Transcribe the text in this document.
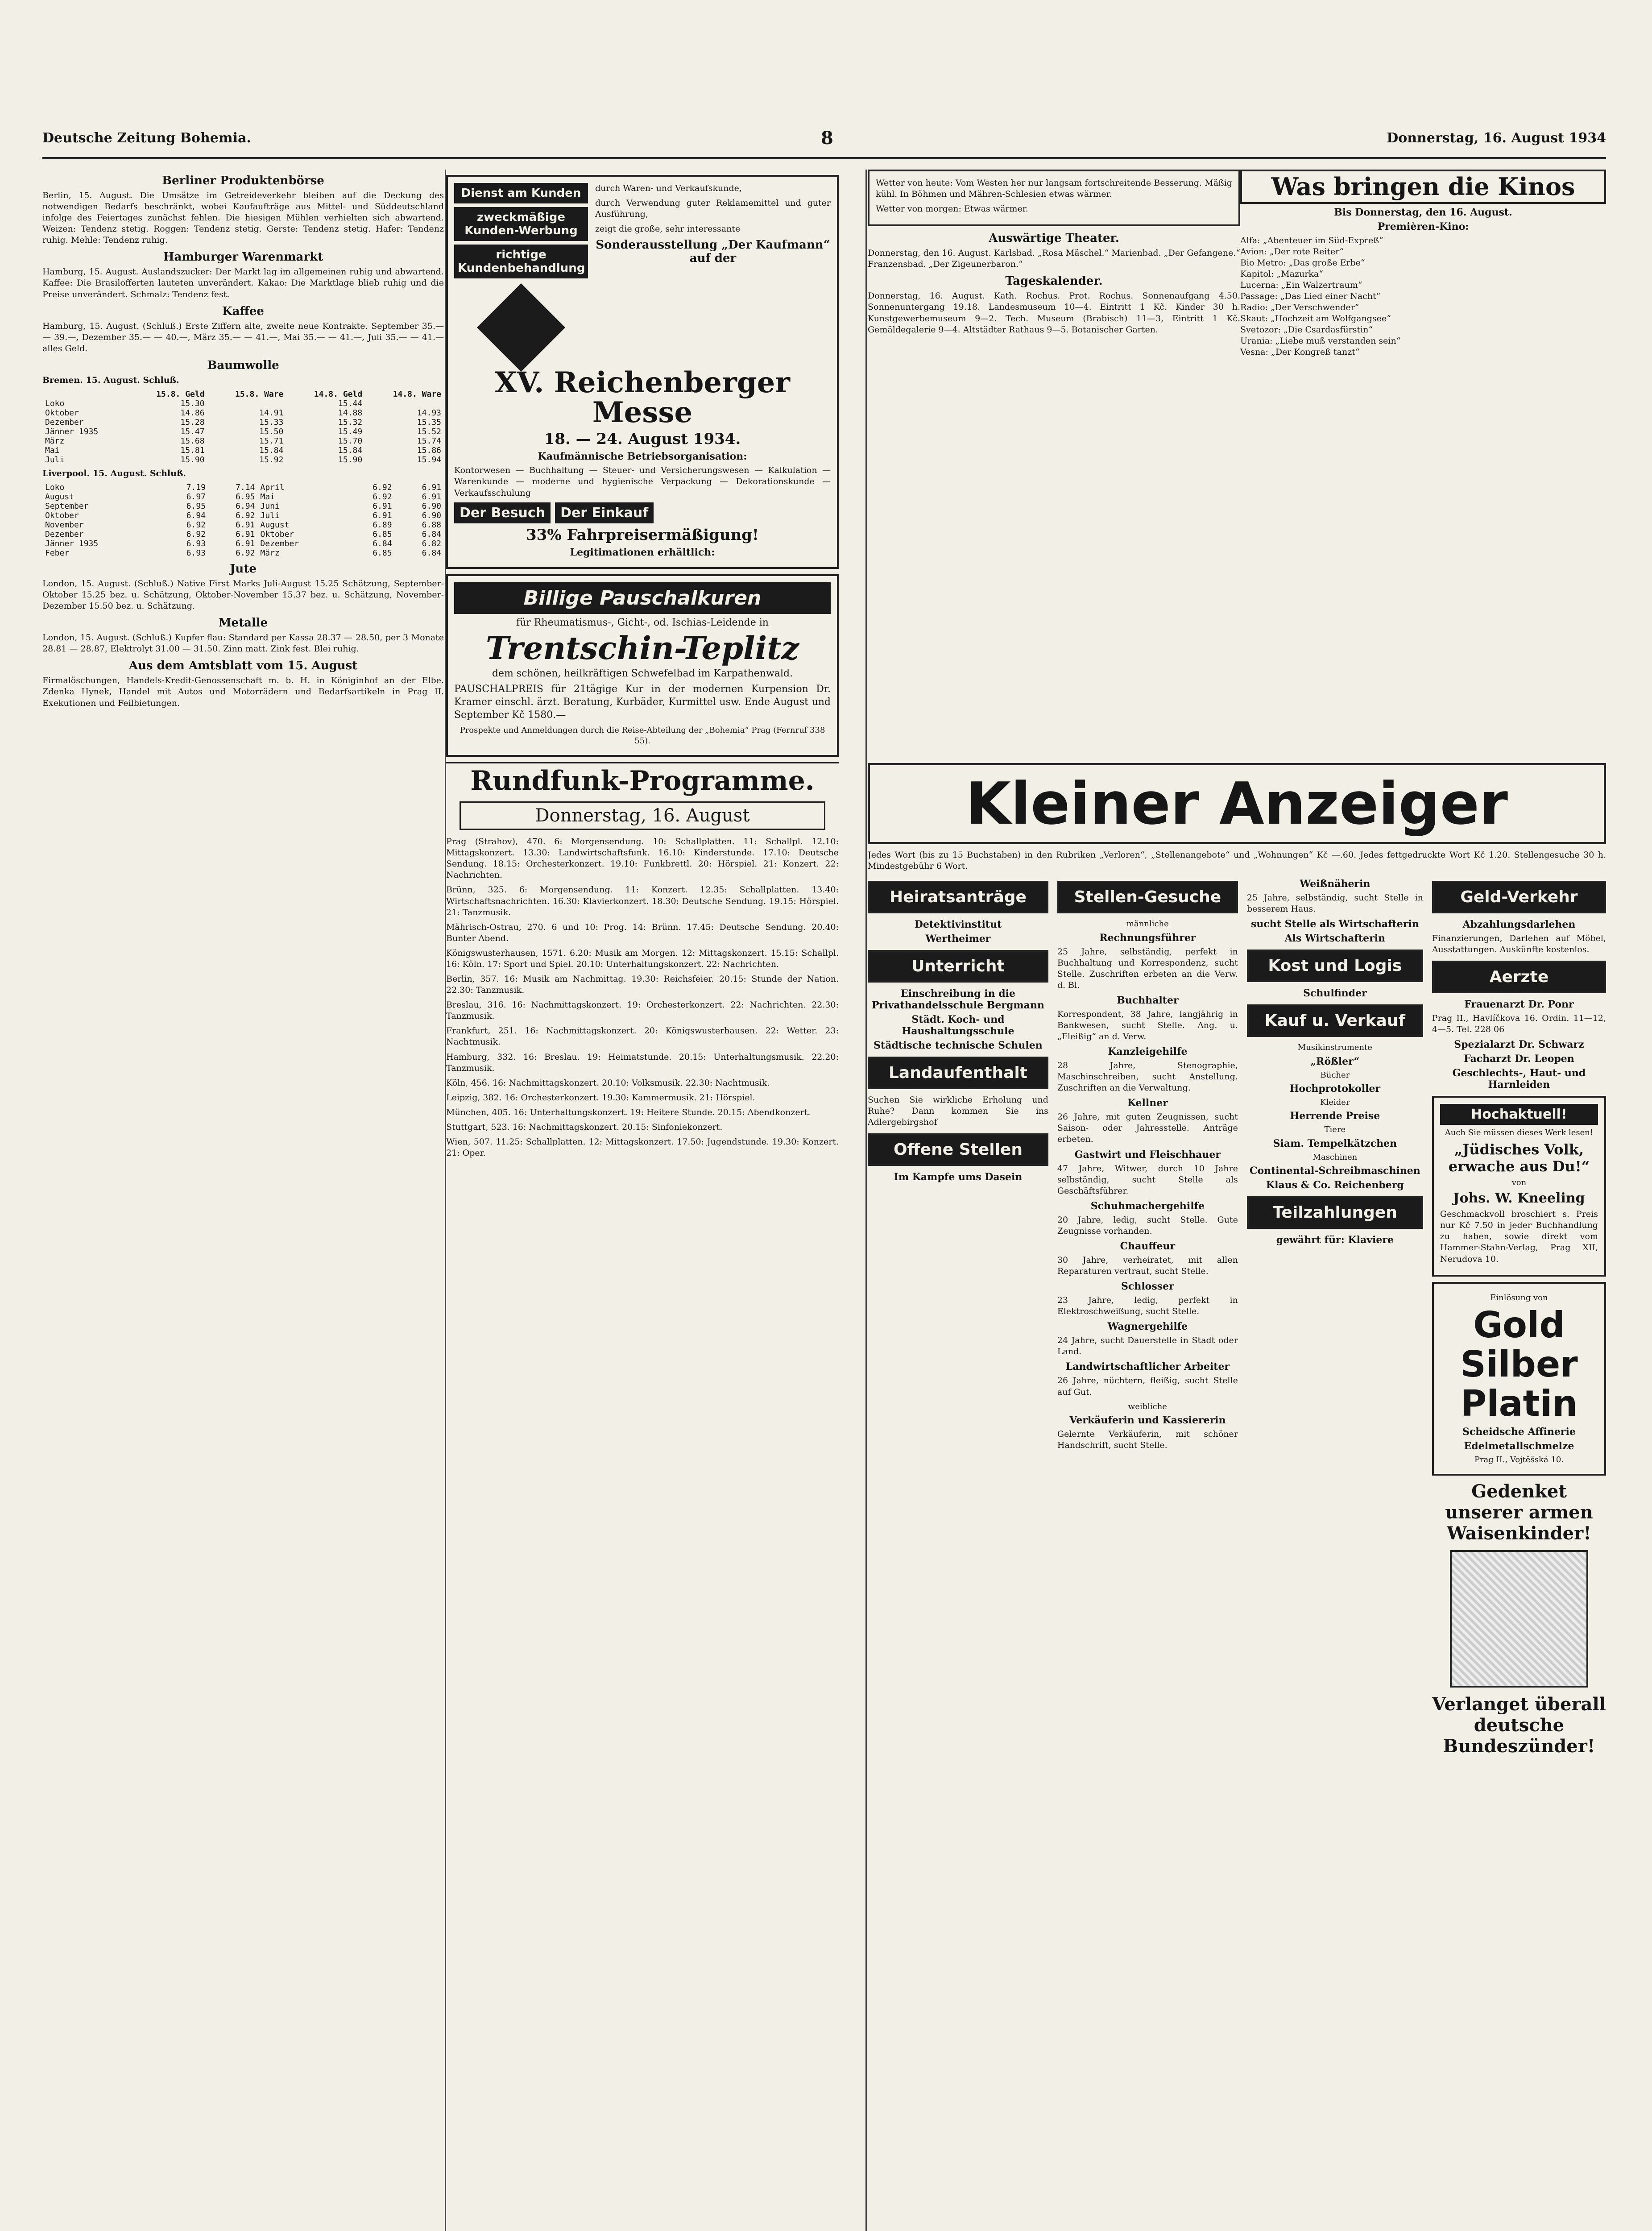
Deutsche Zeitung Bohemia.	8	Donnerstag, 16. August 1934
Berliner Produktenbörse

Berlin, 15. August. Die Umsätze im Getreideverkehr bleiben auf die Deckung des notwendigen Bedarfs beschränkt, wobei Kaufaufträge aus Mittel- und Süddeutschland infolge des Feiertages zunächst fehlen. Die hiesigen Mühlen verhielten sich abwartend. Weizen: Tendenz stetig. Roggen: Tendenz stetig. Gerste: Tendenz stetig. Hafer: Tendenz ruhig. Mehle: Tendenz ruhig.

Hamburger Warenmarkt

Hamburg, 15. August. Auslandszucker: Der Markt lag im allgemeinen ruhig und abwartend. Kaffee: Die Brasilofferten lauteten unverändert. Kakao: Die Marktlage blieb ruhig und die Preise unverändert. Schmalz: Tendenz fest.

Kaffee

Hamburg, 15. August. (Schluß.) Erste Ziffern alte, zweite neue Kontrakte. September 35.— — 39.—, Dezember 35.— — 40.—, März 35.— — 41.—, Mai 35.— — 41.—, Juli 35.— — 41.— alles Geld.

Baumwolle
Bremen. 15. August. Schluß.
	15.8. Geld	15.8. Ware	14.8. Geld	14.8. Ware
Loko	15.30		15.44	
Oktober	14.86	14.91	14.88	14.93
Dezember	15.28	15.33	15.32	15.35
Jänner 1935	15.47	15.50	15.49	15.52
März	15.68	15.71	15.70	15.74
Mai	15.81	15.84	15.84	15.86
Juli	15.90	15.92	15.90	15.94
Liverpool. 15. August. Schluß.
Loko	7.19	7.14	April	6.92	6.91
August	6.97	6.95	Mai	6.92	6.91
September	6.95	6.94	Juni	6.91	6.90
Oktober	6.94	6.92	Juli	6.91	6.90
November	6.92	6.91	August	6.89	6.88
Dezember	6.92	6.91	Oktober	6.85	6.84
Jänner 1935	6.93	6.91	Dezember	6.84	6.82
Feber	6.93	6.92	März	6.85	6.84
Jute

London, 15. August. (Schluß.) Native First Marks Juli-August 15.25 Schätzung, September-Oktober 15.25 bez. u. Schätzung, Oktober-November 15.37 bez. u. Schätzung, November-Dezember 15.50 bez. u. Schätzung.

Metalle

London, 15. August. (Schluß.) Kupfer flau: Standard per Kassa 28.37 — 28.50, per 3 Monate 28.81 — 28.87, Elektrolyt 31.00 — 31.50. Zinn matt. Zink fest. Blei ruhig.

Aus dem Amtsblatt vom 15. August

Firmalöschungen, Handels-Kredit-Genossenschaft m. b. H. in Königinhof an der Elbe. Zdenka Hynek, Handel mit Autos und Motorrädern und Bedarfsartikeln in Prag II. Exekutionen und Feilbietungen.

Dienst am Kunden
zweckmäßige Kunden-Werbung
richtige Kundenbehandlung

durch Waren- und Verkaufskunde,

durch Verwendung guter Reklamemittel und guter Ausführung,

zeigt die große, sehr interessante

Sonderausstellung „Der Kaufmann“ auf der
XV. Reichenberger Messe
18. — 24. August 1934.
Kaufmännische Betriebsorganisation:

Kontorwesen — Buchhaltung — Steuer- und Versicherungswesen — Kalkulation — Warenkunde — moderne und hygienische Verpackung — Dekorationskunde — Verkaufsschulung

Der Besuch	Der Einkauf
33% Fahrpreisermäßigung!
Legitimationen erhältlich:
Billige Pauschalkuren
für Rheumatismus-, Gicht-, od. Ischias-Leidende in
Trentschin-Teplitz
dem schönen, heilkräftigen Schwefelbad im Karpathenwald.

PAUSCHALPREIS für 21tägige Kur in der modernen Kurpension Dr. Kramer einschl. ärzt. Beratung, Kurbäder, Kurmittel usw. Ende August und September Kč 1580.—

Prospekte und Anmeldungen durch die Reise-Abteilung der „Bohemia“ Prag (Fernruf 338 55).
Rundfunk-Programme.
Donnerstag, 16. August

Prag (Strahov), 470. 6: Morgensendung. 10: Schallplatten. 11: Schallpl. 12.10: Mittagskonzert. 13.30: Landwirtschaftsfunk. 16.10: Kinderstunde. 17.10: Deutsche Sendung. 18.15: Orchesterkonzert. 19.10: Funkbrettl. 20: Hörspiel. 21: Konzert. 22: Nachrichten.

Brünn, 325. 6: Morgensendung. 11: Konzert. 12.35: Schallplatten. 13.40: Wirtschaftsnachrichten. 16.30: Klavierkonzert. 18.30: Deutsche Sendung. 19.15: Hörspiel. 21: Tanzmusik.

Mährisch-Ostrau, 270. 6 und 10: Prog. 14: Brünn. 17.45: Deutsche Sendung. 20.40: Bunter Abend.

Königswusterhausen, 1571. 6.20: Musik am Morgen. 12: Mittagskonzert. 15.15: Schallpl. 16: Köln. 17: Sport und Spiel. 20.10: Unterhaltungskonzert. 22: Nachrichten.

Berlin, 357. 16: Musik am Nachmittag. 19.30: Reichsfeier. 20.15: Stunde der Nation. 22.30: Tanzmusik.

Breslau, 316. 16: Nachmittagskonzert. 19: Orchesterkonzert. 22: Nachrichten. 22.30: Tanzmusik.

Frankfurt, 251. 16: Nachmittagskonzert. 20: Königswusterhausen. 22: Wetter. 23: Nachtmusik.

Hamburg, 332. 16: Breslau. 19: Heimatstunde. 20.15: Unterhaltungsmusik. 22.20: Tanzmusik.

Köln, 456. 16: Nachmittagskonzert. 20.10: Volksmusik. 22.30: Nachtmusik.

Leipzig, 382. 16: Orchesterkonzert. 19.30: Kammermusik. 21: Hörspiel.

München, 405. 16: Unterhaltungskonzert. 19: Heitere Stunde. 20.15: Abendkonzert.

Stuttgart, 523. 16: Nachmittagskonzert. 20.15: Sinfoniekonzert.

Wien, 507. 11.25: Schallplatten. 12: Mittagskonzert. 17.50: Jugendstunde. 19.30: Konzert. 21: Oper.

Wetter von heute: Vom Westen her nur langsam fortschreitende Besserung. Mäßig kühl. In Böhmen und Mähren-Schlesien etwas wärmer.

Wetter von morgen: Etwas wärmer.

Auswärtige Theater.

Donnerstag, den 16. August. Karlsbad. „Rosa Mäschel.“ Marienbad. „Der Gefangene.“ Franzensbad. „Der Zigeunerbaron.“

Tageskalender.

Donnerstag, 16. August. Kath. Rochus. Prot. Rochus. Sonnenaufgang 4.50. Sonnenuntergang 19.18. Landesmuseum 10—4. Eintritt 1 Kč. Kinder 30 h. Kunstgewerbemuseum 9—2. Tech. Museum (Brabisch) 11—3, Eintritt 1 Kč. Gemäldegalerie 9—4. Altstädter Rathaus 9—5. Botanischer Garten.

Was bringen die Kinos
Bis Donnerstag, den 16. August.
Premièren-Kino:
Alfa: „Abenteuer im Süd-Expreß“
Avion: „Der rote Reiter“
Bio Metro: „Das große Erbe“
Kapitol: „Mazurka“
Lucerna: „Ein Walzertraum“
Passage: „Das Lied einer Nacht“
Radio: „Der Verschwender“
Skaut: „Hochzeit am Wolfgangsee“
Svetozor: „Die Csardasfürstin“
Urania: „Liebe muß verstanden sein“
Vesna: „Der Kongreß tanzt“
Kleiner Anzeiger

Jedes Wort (bis zu 15 Buchstaben) in den Rubriken „Verloren“, „Stellenangebote“ und „Wohnungen“ Kč —.60. Jedes fettgedruckte Wort Kč 1.20. Stellengesuche 30 h. Mindestgebühr 6 Wort.

Heiratsanträge
Detektivinstitut
Wertheimer
Unterricht
Einschreibung in die Privathandelsschule Bergmann
Städt. Koch- und Haushaltungsschule
Städtische technische Schulen
Landaufenthalt

Suchen Sie wirkliche Erholung und Ruhe? Dann kommen Sie ins Adlergebirgshof

Offene Stellen
Im Kampfe ums Dasein
Stellen-Gesuche
männliche
Rechnungsführer

25 Jahre, selbständig, perfekt in Buchhaltung und Korrespondenz, sucht Stelle. Zuschriften erbeten an die Verw. d. Bl.

Buchhalter

Korrespondent, 38 Jahre, langjährig in Bankwesen, sucht Stelle. Ang. u. „Fleißig“ an d. Verw.

Kanzleigehilfe

28 Jahre, Stenographie, Maschinschreiben, sucht Anstellung. Zuschriften an die Verwaltung.

Kellner

26 Jahre, mit guten Zeugnissen, sucht Saison- oder Jahresstelle. Anträge erbeten.

Gastwirt und Fleischhauer

47 Jahre, Witwer, durch 10 Jahre selbständig, sucht Stelle als Geschäftsführer.

Schuhmachergehilfe

20 Jahre, ledig, sucht Stelle. Gute Zeugnisse vorhanden.

Chauffeur

30 Jahre, verheiratet, mit allen Reparaturen vertraut, sucht Stelle.

Schlosser

23 Jahre, ledig, perfekt in Elektroschweißung, sucht Stelle.

Wagnergehilfe

24 Jahre, sucht Dauerstelle in Stadt oder Land.

Landwirtschaftlicher Arbeiter

26 Jahre, nüchtern, fleißig, sucht Stelle auf Gut.

weibliche
Verkäuferin und Kassiererin

Gelernte Verkäuferin, mit schöner Handschrift, sucht Stelle.

Weißnäherin

25 Jahre, selbständig, sucht Stelle in besserem Haus.

sucht Stelle als Wirtschafterin
Als Wirtschafterin
Kost und Logis
Schulfinder
Kauf u. Verkauf
Musikinstrumente
„Rößler“
Bücher
Hochprotokoller
Kleider
Herrende Preise
Tiere
Siam. Tempelkätzchen
Maschinen
Continental-Schreibmaschinen
Klaus & Co. Reichenberg
Teilzahlungen
gewährt für: Klaviere
Geld-Verkehr
Abzahlungsdarlehen

Finanzierungen, Darlehen auf Möbel, Ausstattungen. Auskünfte kostenlos.

Aerzte
Frauenarzt Dr. Ponr

Prag II., Havlíčkova 16. Ordin. 11—12, 4—5. Tel. 228 06

Spezialarzt Dr. Schwarz
Facharzt Dr. Leopen
Geschlechts-, Haut- und Harnleiden
Hochaktuell!
Auch Sie müssen dieses Werk lesen!
„Jüdisches Volk, erwache aus Du!“
von
Johs. W. Kneeling

Geschmackvoll broschiert s. Preis nur Kč 7.50 in jeder Buchhandlung zu haben, sowie direkt vom Hammer-Stahn-Verlag, Prag XII, Nerudova 10.

Einlösung von
Gold
Silber
Platin
Scheidsche Affinerie
Edelmetallschmelze
Prag II., Vojtěšská 10.
Gedenket unserer armen Waisenkinder!
Verlanget überall deutsche Bundeszünder!
